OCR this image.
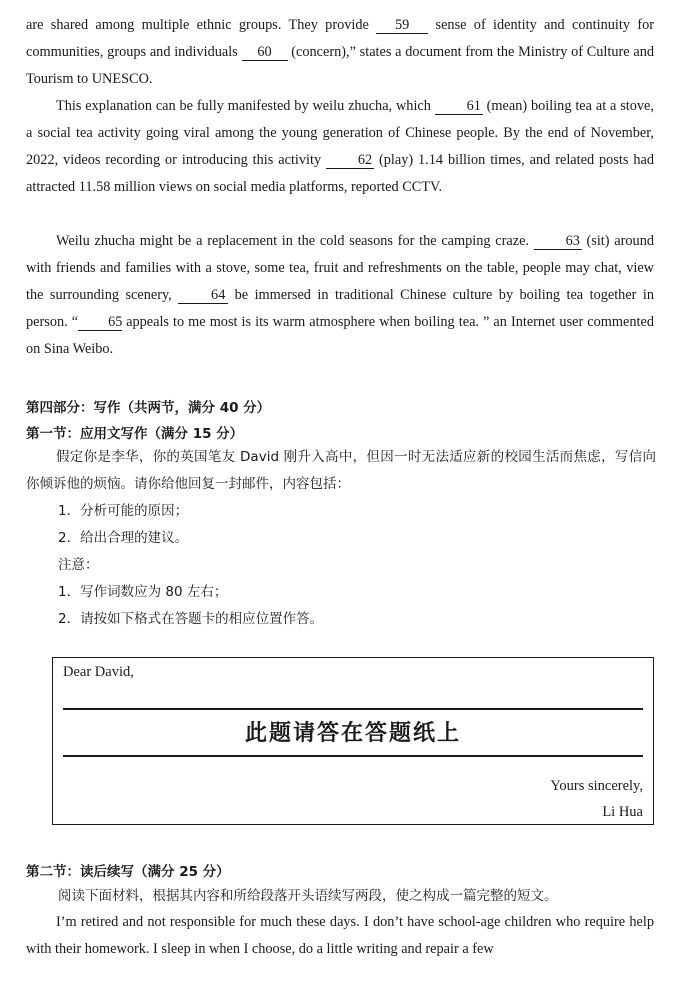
are shared among multiple ethnic groups. They provide 59 sense of identity and continuity for communities, groups and individuals 60 (concern),” states a document from the Ministry of Culture and Tourism to UNESCO.

This explanation can be fully manifested by weilu zhucha, which 61 (mean) boiling tea at a stove, a social tea activity going viral among the young generation of Chinese people. By the end of November, 2022, videos recording or introducing this activity 62 (play) 1.14 billion times, and related posts had attracted 11.58 million views on social media platforms, reported CCTV.

Weilu zhucha might be a replacement in the cold seasons for the camping craze. 63 (sit) around with friends and families with a stove, some tea, fruit and refreshments on the table, people may chat, view the surrounding scenery, 64 be immersed in traditional Chinese culture by boiling tea together in person. “ 65 appeals to me most is its warm atmosphere when boiling tea. ” an Internet user commented on Sina Weibo.

第四部分：写作（共两节，满分 40 分）

第一节：应用文写作（满分 15 分）

假定你是李华，你的英国笔友 David 刚升入高中，但因一时无法适应新的校园生活而焦虑，写信向你倾诉他的烦恼。请你给他回复一封邮件，内容包括：

1．分析可能的原因；

2．给出合理的建议。

注意：

1．写作词数应为 80 左右；

2．请按如下格式在答题卡的相应位置作答。

Dear David,
此题请答在答题纸上
Yours sincerely,
Li Hua

第二节：读后续写（满分 25 分）

阅读下面材料，根据其内容和所给段落开头语续写两段，使之构成一篇完整的短文。

I’m retired and not responsible for much these days. I don’t have school-age children who require help with their homework. I sleep in when I choose, do a little writing and repair a few
